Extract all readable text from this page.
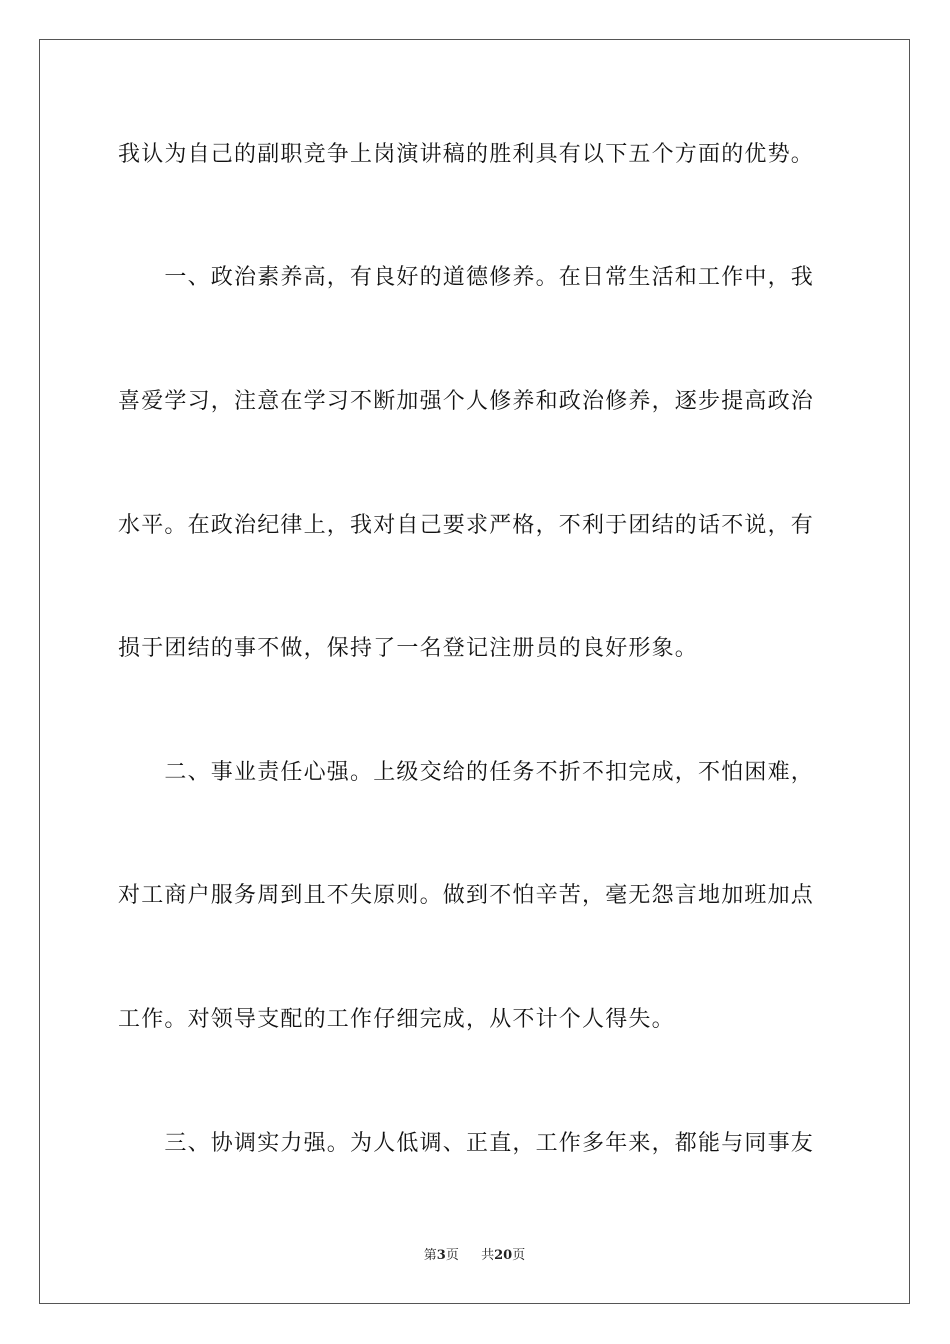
我认为自己的副职竞争上岗演讲稿的胜利具有以下五个方面的优势。
　　一、政治素养高，有良好的道德修养。在日常生活和工作中，我
喜爱学习，注意在学习不断加强个人修养和政治修养，逐步提高政治
水平。在政治纪律上，我对自己要求严格，不利于团结的话不说，有
损于团结的事不做，保持了一名登记注册员的良好形象。
　　二、事业责任心强。上级交给的任务不折不扣完成，不怕困难，
对工商户服务周到且不失原则。做到不怕辛苦，毫无怨言地加班加点
工作。对领导支配的工作仔细完成，从不计个人得失。
　　三、协调实力强。为人低调、正直，工作多年来，都能与同事友
第3页 共20页
